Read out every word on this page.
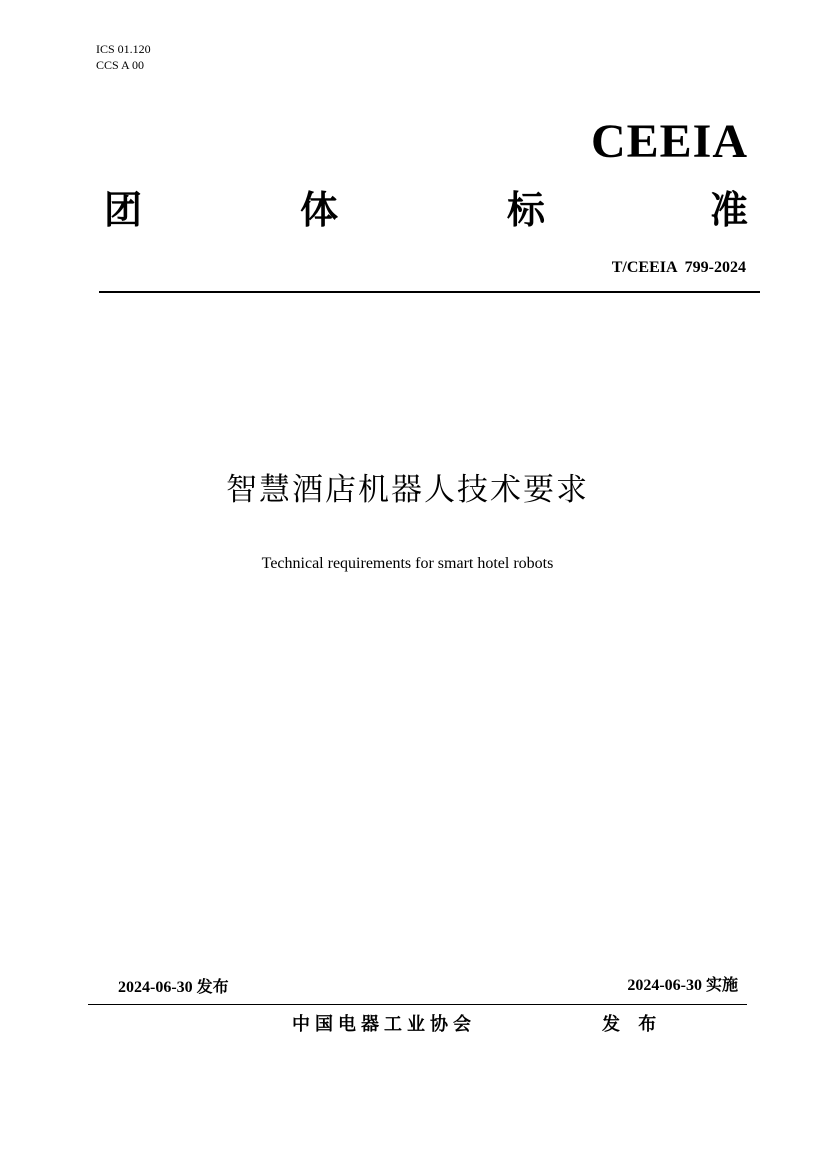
ICS 01.120
CCS A 00
CEEIA
团	体	标	准
T/CEEIA  799-2024
智慧酒店机器人技术要求
Technical requirements for smart hotel robots
2024-06-30 发布	2024-06-30 实施
中国电器工业协会	发 布
